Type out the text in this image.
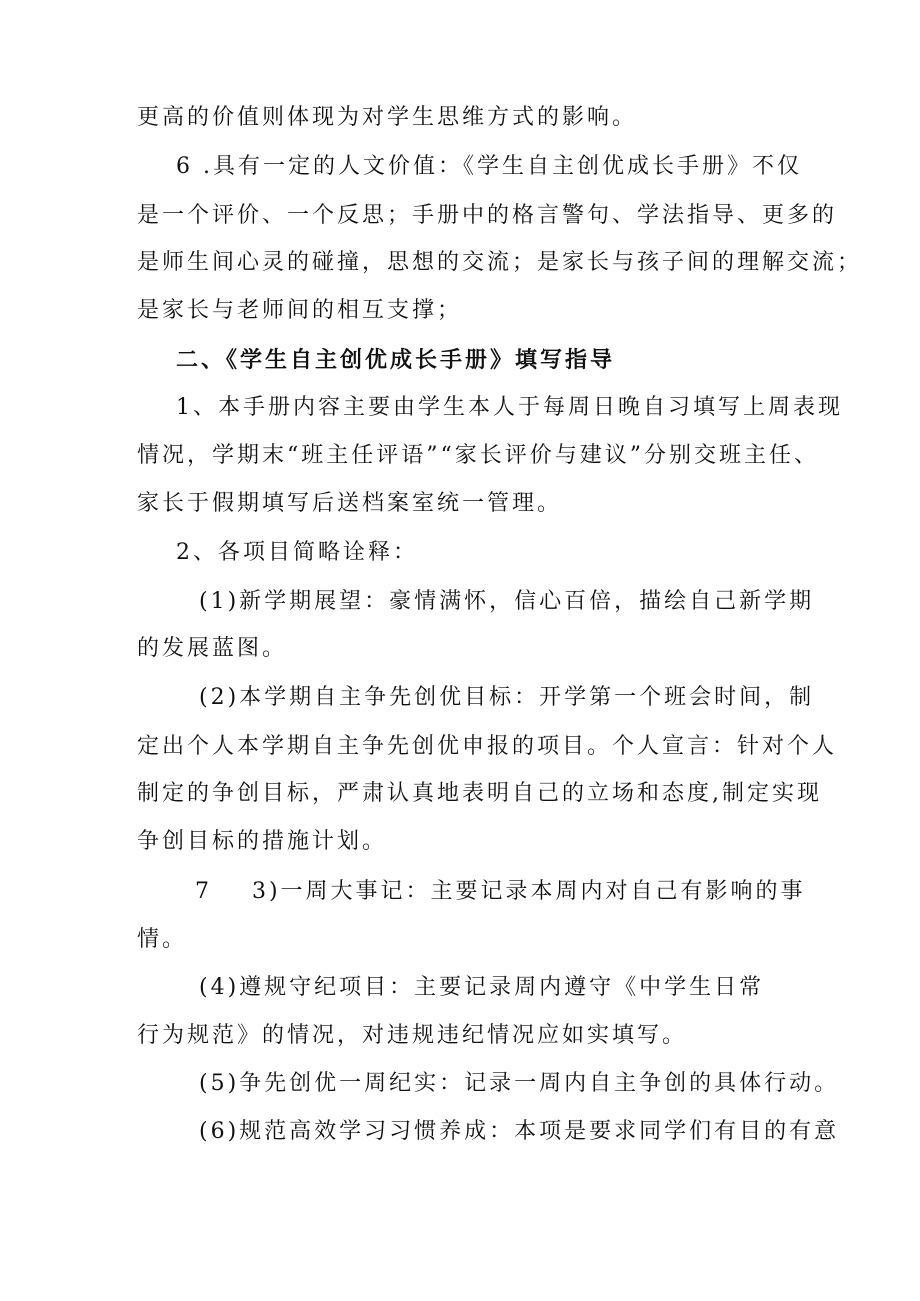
更高的价值则体现为对学生思维方式的影响。
6 .具有一定的人文价值：《学生自主创优成长手册》不仅
是一个评价、一个反思；手册中的格言警句、学法指导、更多的
是师生间心灵的碰撞，思想的交流；是家长与孩子间的理解交流；
是家长与老师间的相互支撑；
二、《学生自主创优成长手册》填写指导
1、本手册内容主要由学生本人于每周日晚自习填写上周表现
情况，学期末“班主任评语”“家长评价与建议”分别交班主任、
家长于假期填写后送档案室统一管理。
2、各项目简略诠释：
(1)新学期展望：豪情满怀，信心百倍，描绘自己新学期
的发展蓝图。
(2)本学期自主争先创优目标：开学第一个班会时间，制
定出个人本学期自主争先创优申报的项目。个人宣言：针对个人
制定的争创目标，严肃认真地表明自己的立场和态度,制定实现
争创目标的措施计划。
7    3)一周大事记：主要记录本周内对自己有影响的事
情。
(4)遵规守纪项目：主要记录周内遵守《中学生日常
行为规范》的情况，对违规违纪情况应如实填写。
(5)争先创优一周纪实：记录一周内自主争创的具体行动。
(6)规范高效学习习惯养成：本项是要求同学们有目的有意
